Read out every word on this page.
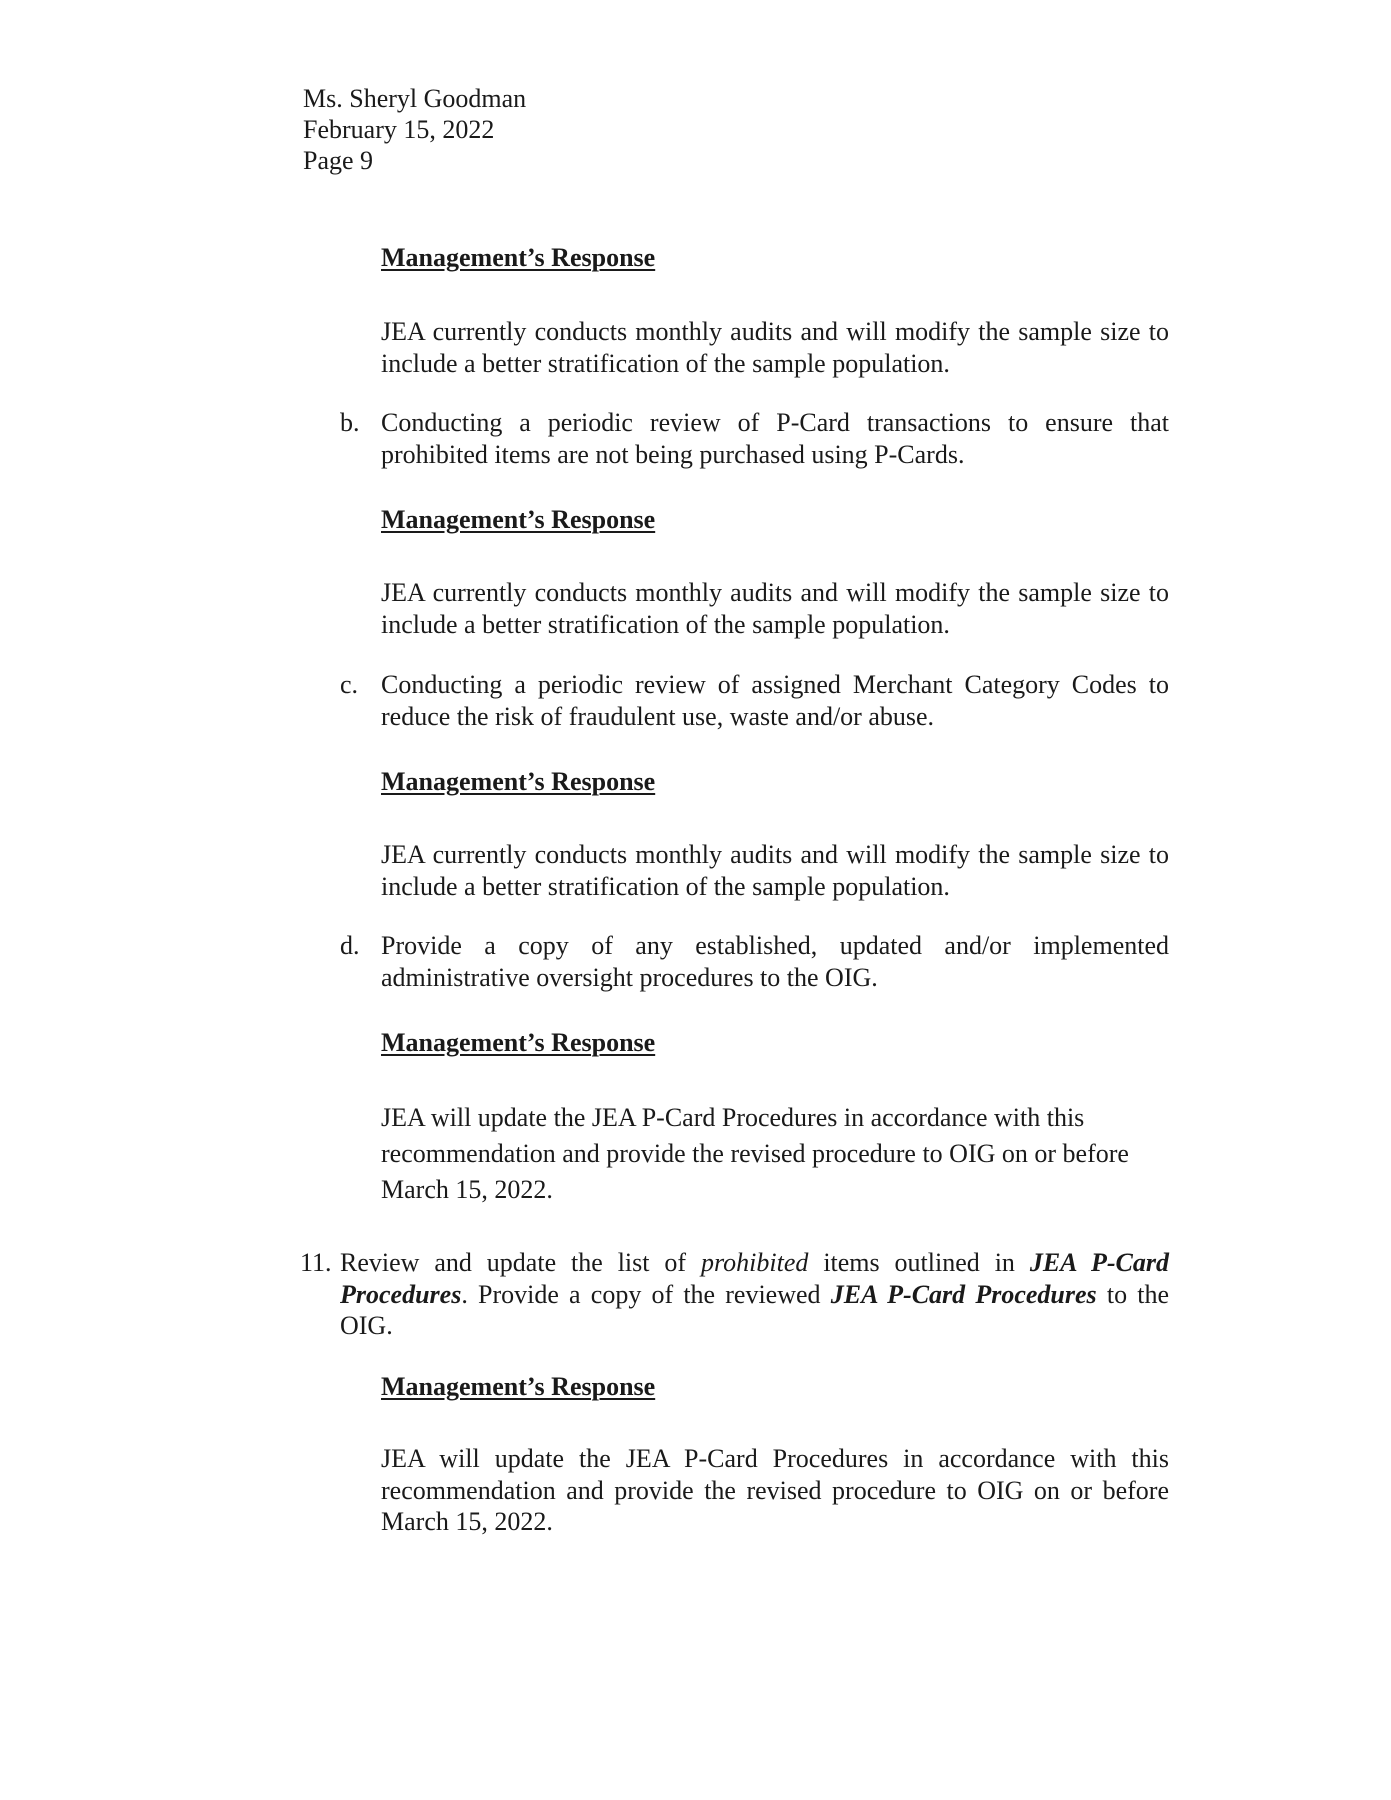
Ms. Sheryl Goodman
February 15, 2022
Page 9
Management’s Response
JEA currently conducts monthly audits and will modify the sample size to include a better stratification of the sample population.
b. Conducting a periodic review of P-Card transactions to ensure that prohibited items are not being purchased using P-Cards.
Management’s Response
JEA currently conducts monthly audits and will modify the sample size to include a better stratification of the sample population.
c. Conducting a periodic review of assigned Merchant Category Codes to reduce the risk of fraudulent use, waste and/or abuse.
Management’s Response
JEA currently conducts monthly audits and will modify the sample size to include a better stratification of the sample population.
d. Provide a copy of any established, updated and/or implemented administrative oversight procedures to the OIG.
Management’s Response
JEA will update the JEA P-Card Procedures in accordance with this recommendation and provide the revised procedure to OIG on or before March 15, 2022.
11. Review and update the list of prohibited items outlined in JEA P-Card Procedures. Provide a copy of the reviewed JEA P-Card Procedures to the OIG.
Management’s Response
JEA will update the JEA P-Card Procedures in accordance with this recommendation and provide the revised procedure to OIG on or before March 15, 2022.
